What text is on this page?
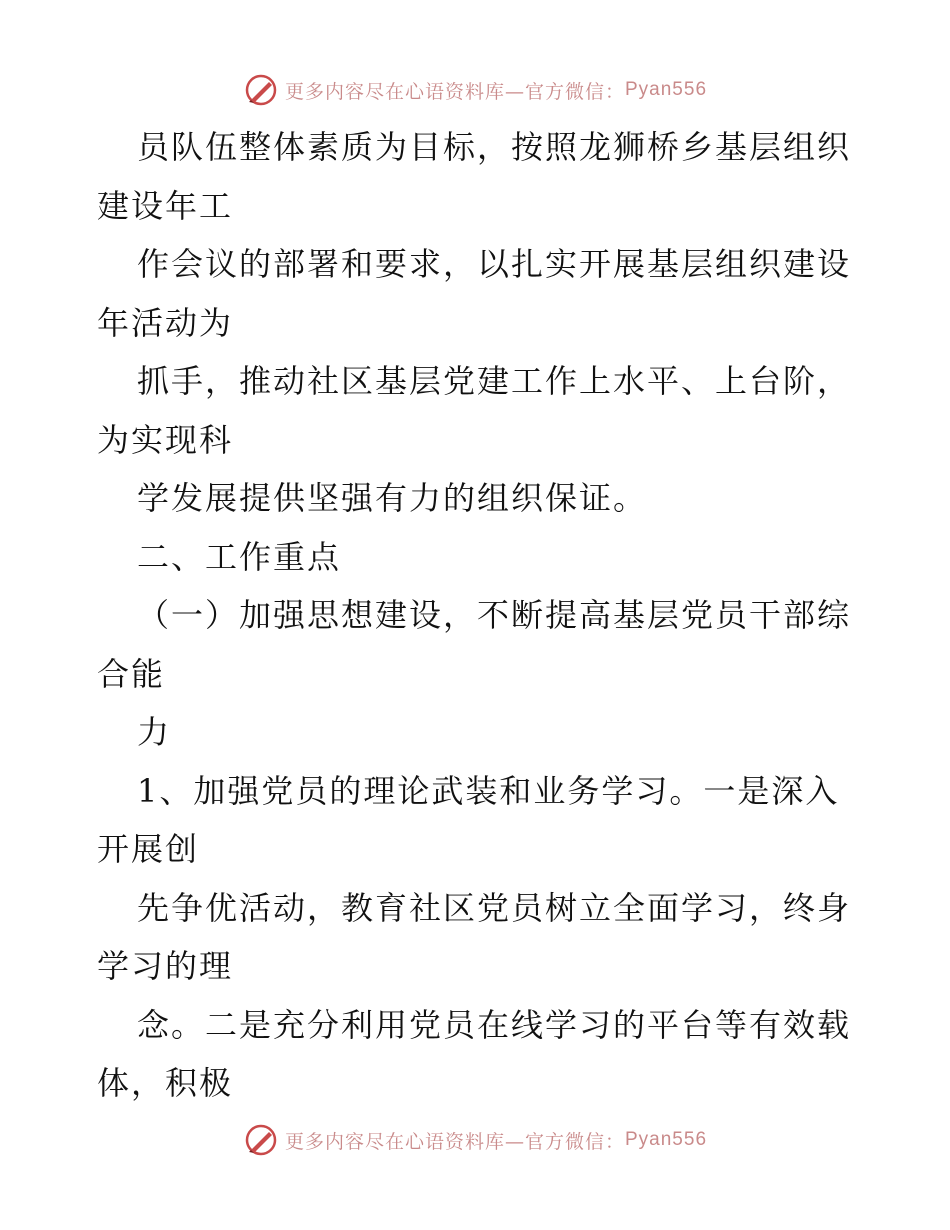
更多内容尽在心语资料库—官方微信： Pyan556
员队伍整体素质为目标，按照龙狮桥乡基层组织
建设年工
作会议的部署和要求，以扎实开展基层组织建设
年活动为
抓手，推动社区基层党建工作上水平、上台阶，
为实现科
学发展提供坚强有力的组织保证。
二、工作重点
（一）加强思想建设，不断提高基层党员干部综
合能
力
1、加强党员的理论武装和业务学习。一是深入
开展创
先争优活动，教育社区党员树立全面学习，终身
学习的理
念。二是充分利用党员在线学习的平台等有效载
体，积极
更多内容尽在心语资料库—官方微信： Pyan556
